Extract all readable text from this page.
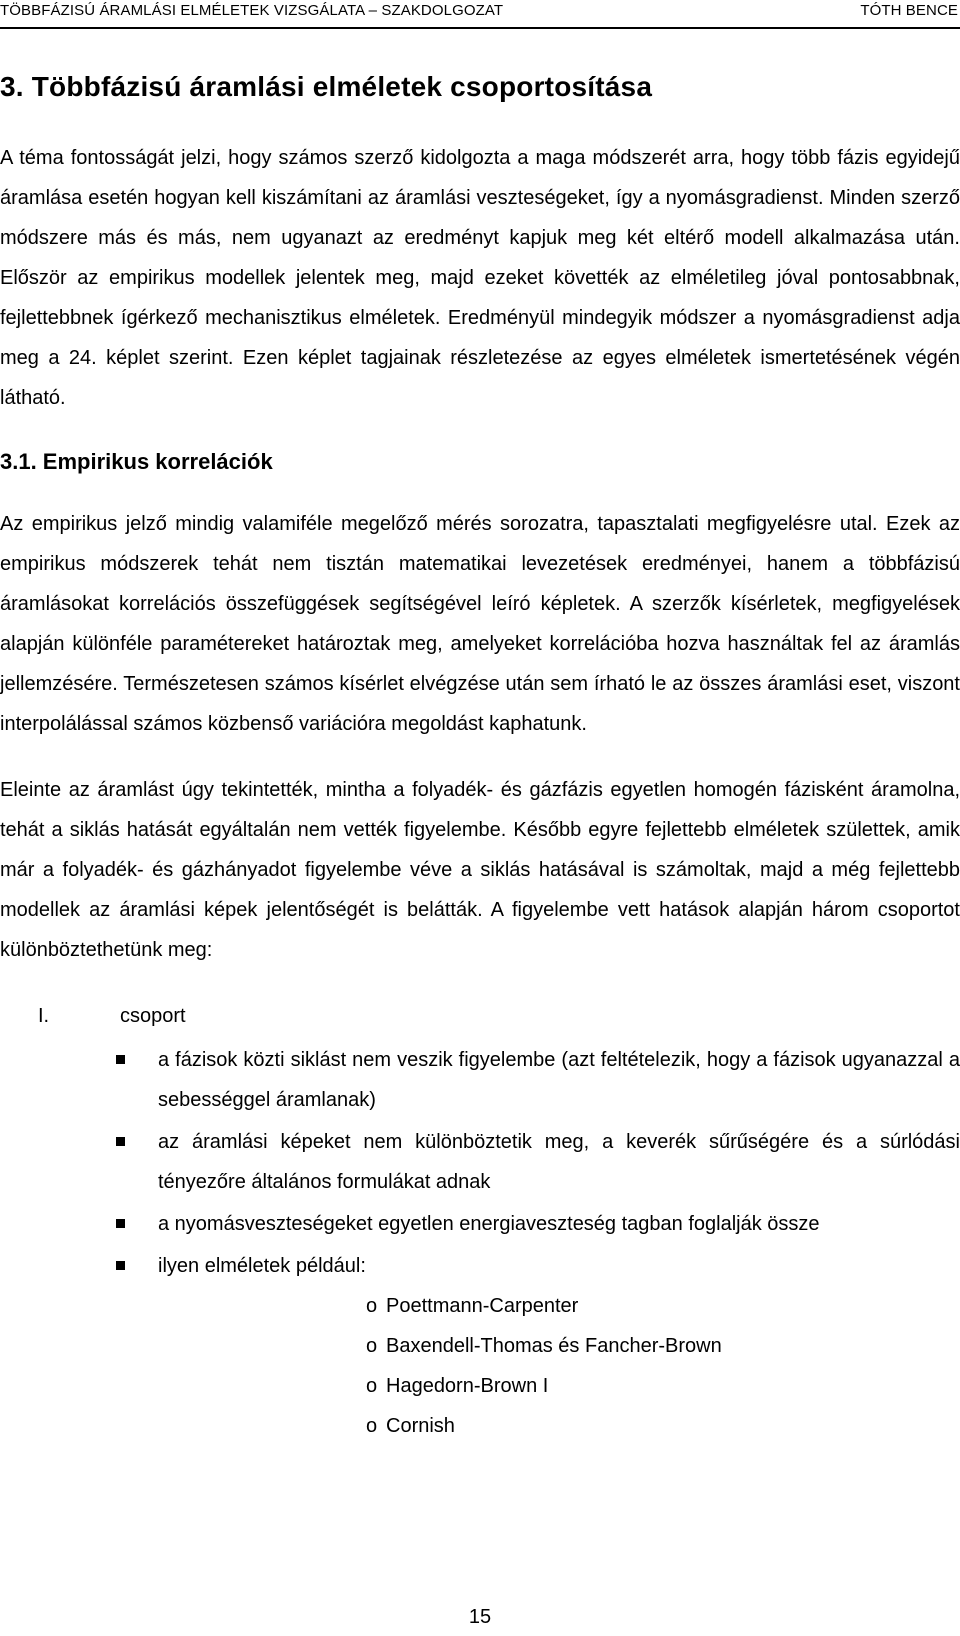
TÖBBFÁZISÚ ÁRAMLÁSI ELMÉLETEK VIZSGÁLATA – SZAKDOLGOZAT	TÓTH BENCE
3. Többfázisú áramlási elméletek csoportosítása

A téma fontosságát jelzi, hogy számos szerző kidolgozta a maga módszerét arra, hogy több fázis egyidejű áramlása esetén hogyan kell kiszámítani az áramlási veszteségeket, így a nyomásgradienst. Minden szerző módszere más és más, nem ugyanazt az eredményt kapjuk meg két eltérő modell alkalmazása után. Először az empirikus modellek jelentek meg, majd ezeket követték az elméletileg jóval pontosabbnak, fejlettebbnek ígérkező mechanisztikus elméletek. Eredményül mindegyik módszer a nyomásgradienst adja meg a 24. képlet szerint. Ezen képlet tagjainak részletezése az egyes elméletek ismertetésének végén látható.

3.1. Empirikus korrelációk

Az empirikus jelző mindig valamiféle megelőző mérés sorozatra, tapasztalati megfigyelésre utal. Ezek az empirikus módszerek tehát nem tisztán matematikai levezetések eredményei, hanem a többfázisú áramlásokat korrelációs összefüggések segítségével leíró képletek. A szerzők kísérletek, megfigyelések alapján különféle paramétereket határoztak meg, amelyeket korrelációba hozva használtak fel az áramlás jellemzésére. Természetesen számos kísérlet elvégzése után sem írható le az összes áramlási eset, viszont interpolálással számos közbenső variációra megoldást kaphatunk.

Eleinte az áramlást úgy tekintették, mintha a folyadék- és gázfázis egyetlen homogén fázisként áramolna, tehát a siklás hatását egyáltalán nem vették figyelembe. Később egyre fejlettebb elméletek születtek, amik már a folyadék- és gázhányadot figyelembe véve a siklás hatásával is számoltak, majd a még fejlettebb modellek az áramlási képek jelentőségét is belátták. A figyelembe vett hatások alapján három csoportot különböztethetünk meg:

I.	csoport
a fázisok közti siklást nem veszik figyelembe (azt feltételezik, hogy a fázisok ugyanazzal a sebességgel áramlanak)
az áramlási képeket nem különböztetik meg, a keverék sűrűségére és a súrlódási tényezőre általános formulákat adnak
a nyomásveszteségeket egyetlen energiaveszteség tagban foglalják össze
ilyen elméletek például:
o Poettmann-Carpenter
o Baxendell-Thomas és Fancher-Brown
o Hagedorn-Brown I
o Cornish
15
